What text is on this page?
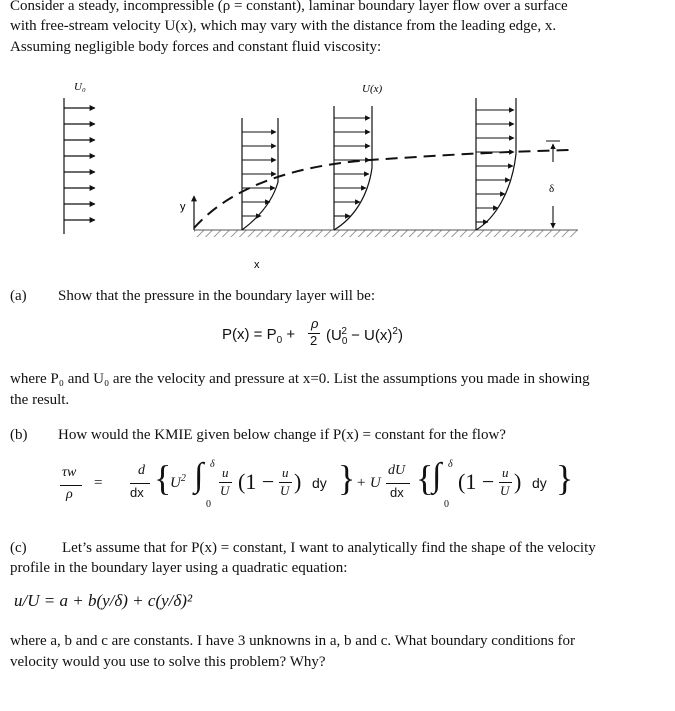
Consider a steady, incompressible (ρ = constant), laminar boundary layer flow over a surface
with free-stream velocity U(x), which may vary with the distance from the leading edge, x.
Assuming negligible body forces and constant fluid viscosity:
y
x
δ
U₀	U(x)
(a) Show that the pressure in the boundary layer will be:
$P(x) = P_0$ +
ρ
2 $(U_0^2 - U(x)^2)$
where P₀ and U₀ are the velocity and pressure at x=0. List the assumptions you made in showing
the result.
(b) How would the KMIE given below change if P(x) = constant for the flow?
τw
ρ
=
d
dx {
$U^2$ ∫ δ
0
u
U (1 − u
U ) dy } + U
dU
dx {
∫ δ
0
(1 − u
U ) dy }
(c) Let’s assume that for P(x) = constant, I want to analytically find the shape of the velocity
profile in the boundary layer using a quadratic equation:
u/U = a + b(y/δ) + c(y/δ)²
where a, b and c are constants. I have 3 unknowns in a, b and c. What boundary conditions for
velocity would you use to solve this problem? Why?
